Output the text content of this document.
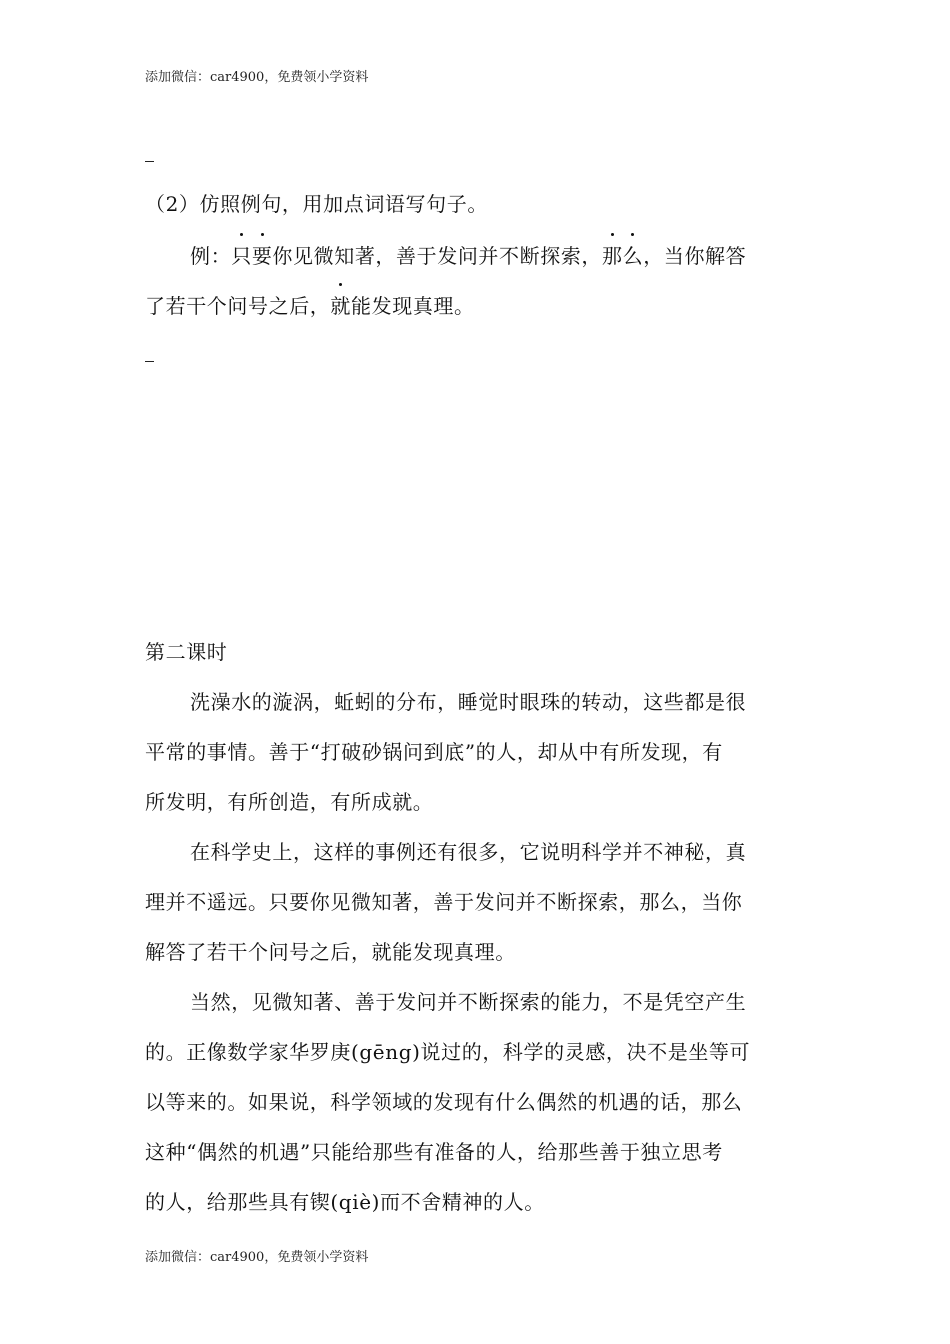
添加微信：car4900，免费领小学资料
（2）仿照例句，用加点词语写句子。
例：只要你见微知著，善于发问并不断探索，那么，当你解答
了若干个问号之后，就能发现真理。
第二课时
洗澡水的漩涡，蚯蚓的分布，睡觉时眼珠的转动，这些都是很
平常的事情。善于“打破砂锅问到底”的人，却从中有所发现，有
所发明，有所创造，有所成就。
在科学史上，这样的事例还有很多，它说明科学并不神秘，真
理并不遥远。只要你见微知著，善于发问并不断探索，那么，当你
解答了若干个问号之后，就能发现真理。
当然，见微知著、善于发问并不断探索的能力，不是凭空产生
的。正像数学家华罗庚(gēng)说过的，科学的灵感，决不是坐等可
以等来的。如果说，科学领域的发现有什么偶然的机遇的话，那么
这种“偶然的机遇”只能给那些有准备的人，给那些善于独立思考
的人，给那些具有锲(qiè)而不舍精神的人。
添加微信：car4900，免费领小学资料
